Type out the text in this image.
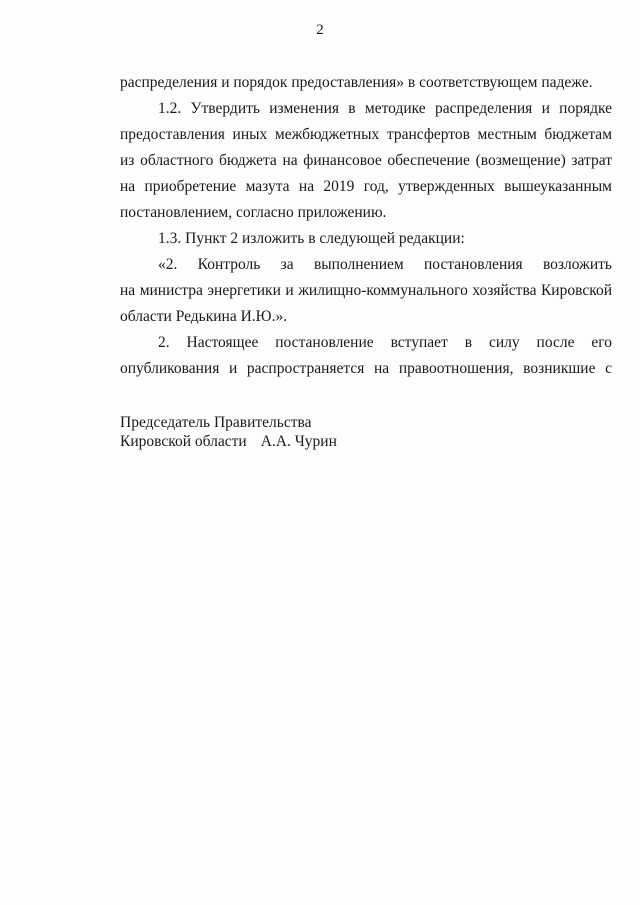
2
распределения и порядок предоставления» в соответствующем падеже.
1.2. Утвердить изменения в методике распределения и порядке
предоставления иных межбюджетных трансфертов местным бюджетам
из областного бюджета на финансовое обеспечение (возмещение) затрат
на приобретение мазута на 2019 год, утвержденных вышеуказанным
постановлением, согласно приложению.
1.3. Пункт 2 изложить в следующей редакции:
«2. Контроль за выполнением постановления возложить
на министра энергетики и жилищно-коммунального хозяйства Кировской
области Редькина И.Ю.».
2. Настоящее постановление вступает в силу после его
опубликования и распространяется на правоотношения, возникшие с
Председатель Правительства
Кировской области А.А. Чурин
